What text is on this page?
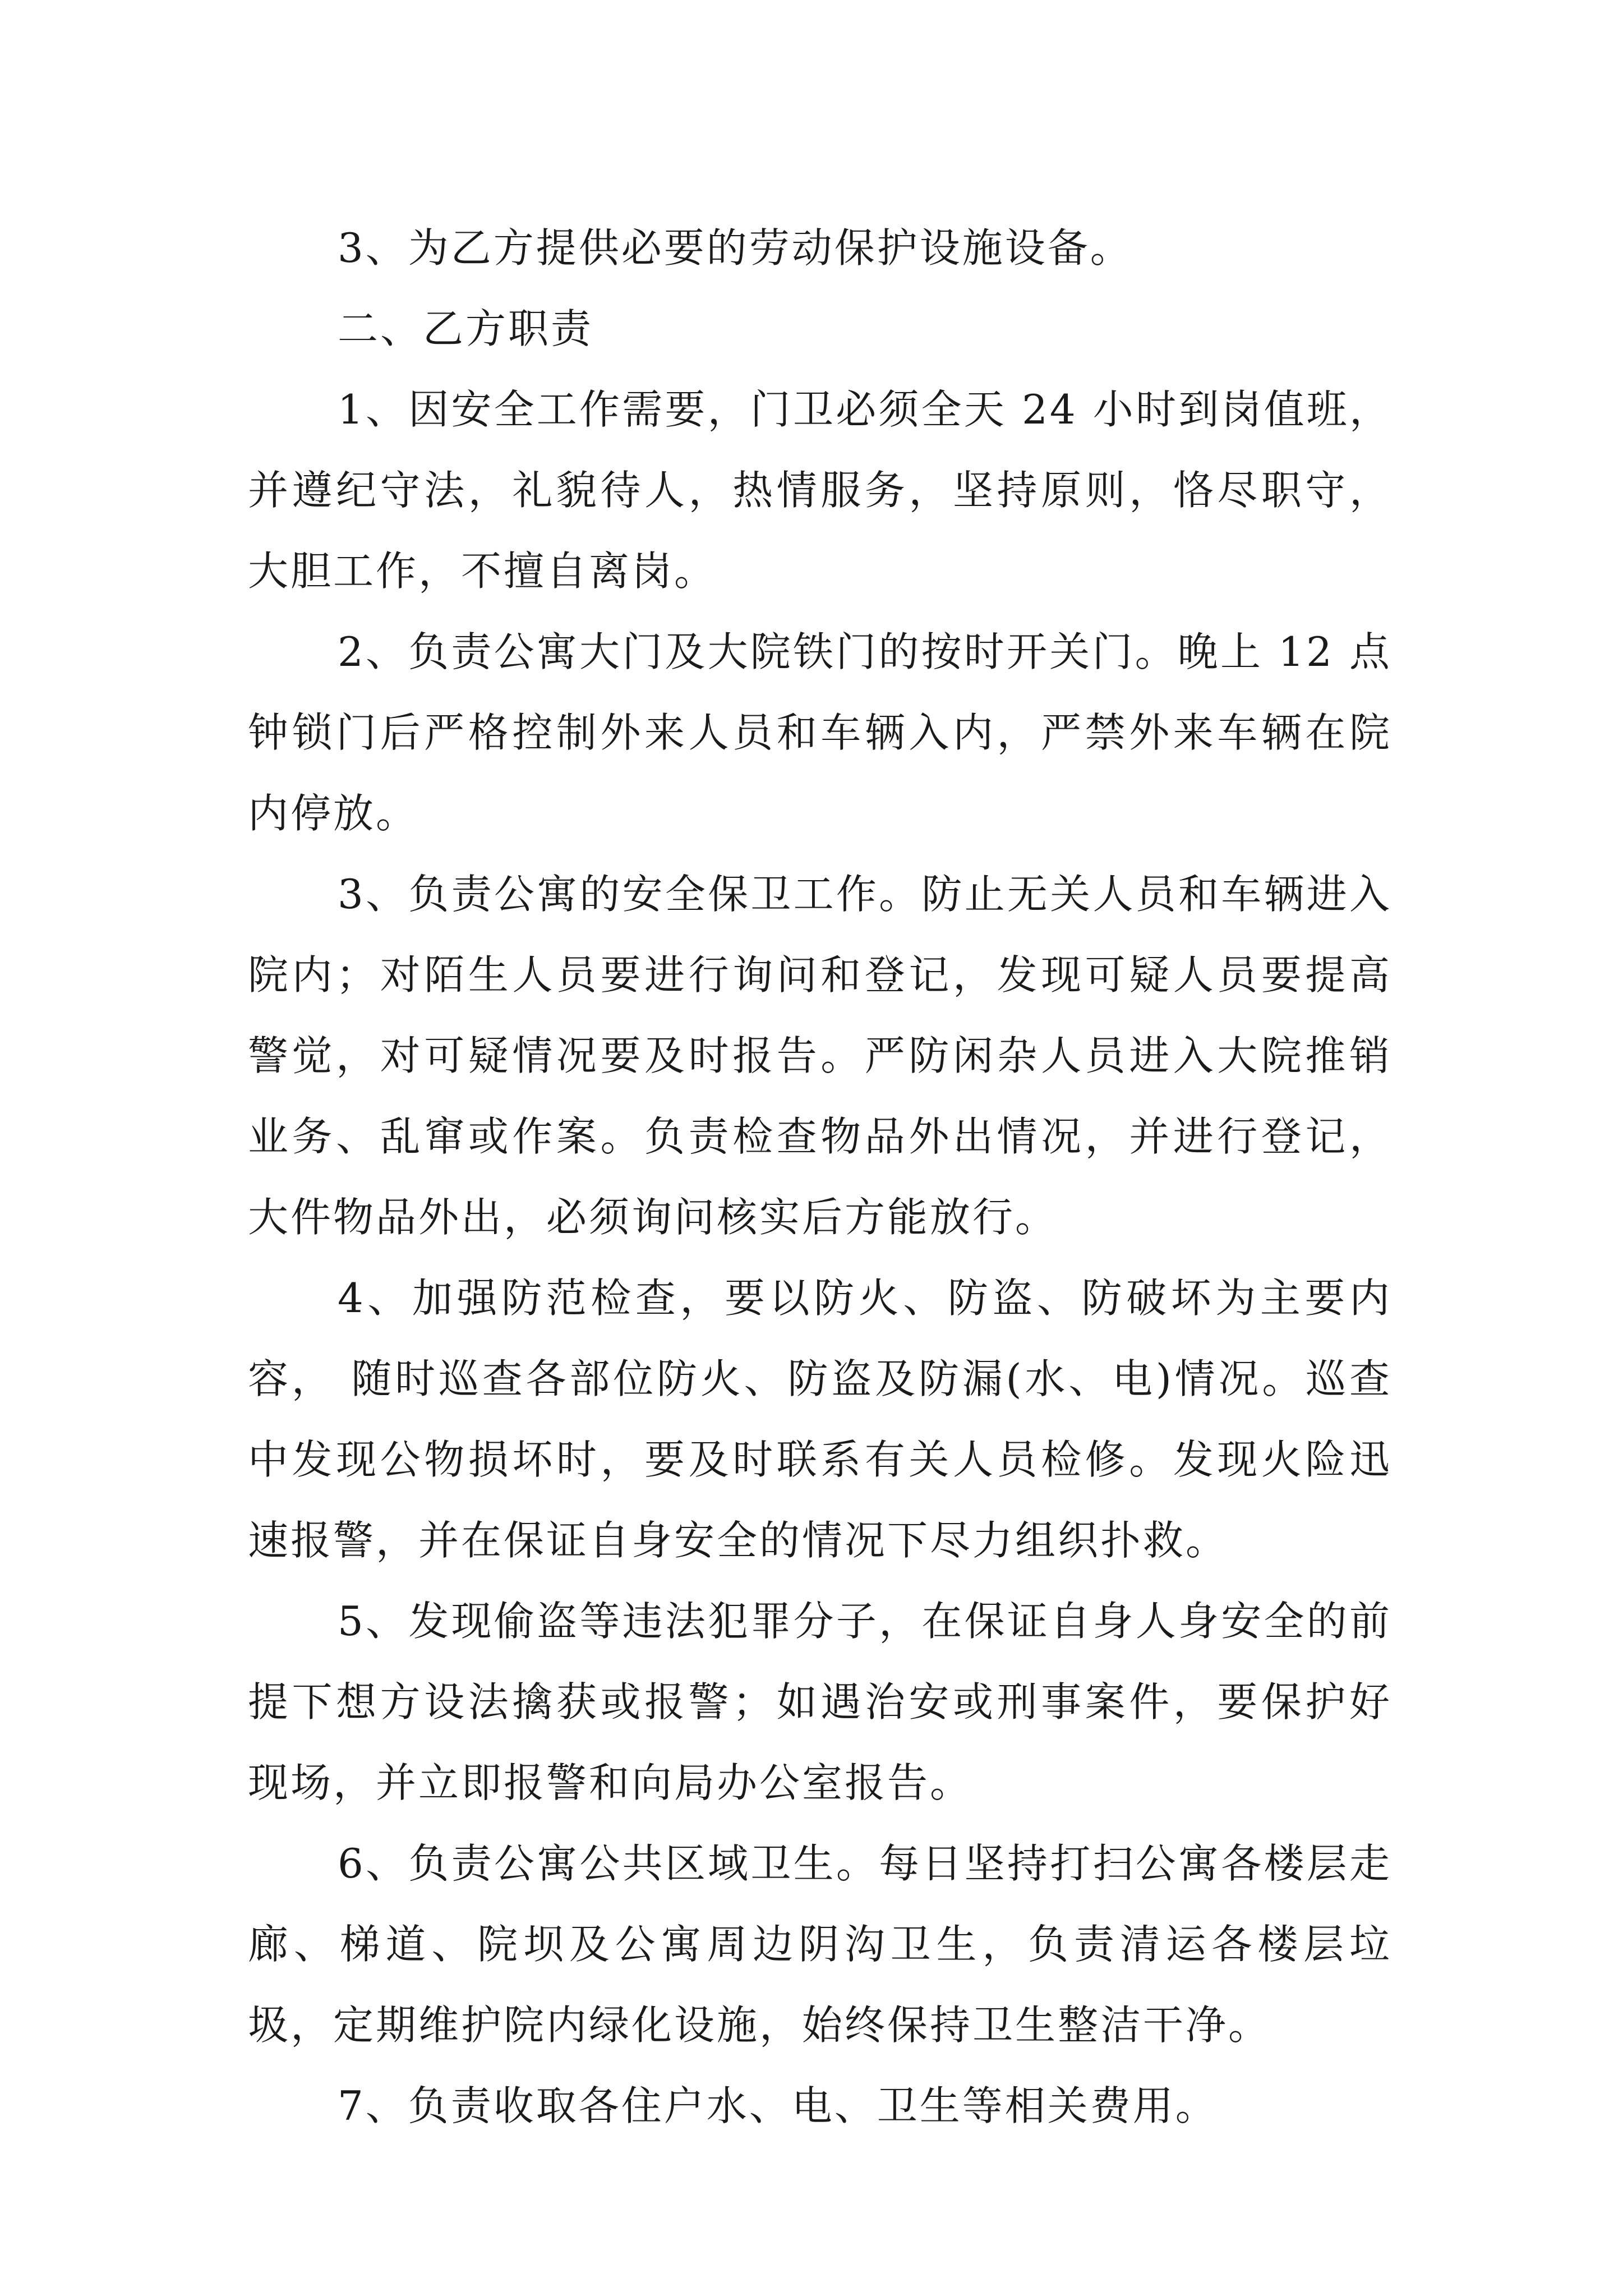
3、为乙方提供必要的劳动保护设施设备。

二、乙方职责

1、因安全工作需要，门卫必须全天 24 小时到岗值班，并遵纪守法，礼貌待人，热情服务，坚持原则，恪尽职守，大胆工作，不擅自离岗。

2、负责公寓大门及大院铁门的按时开关门。晚上 12 点钟锁门后严格控制外来人员和车辆入内，严禁外来车辆在院内停放。

3、负责公寓的安全保卫工作。防止无关人员和车辆进入院内；对陌生人员要进行询问和登记，发现可疑人员要提高警觉，对可疑情况要及时报告。严防闲杂人员进入大院推销业务、乱窜或作案。负责检查物品外出情况，并进行登记，大件物品外出，必须询问核实后方能放行。

4、加强防范检查，要以防火、防盗、防破坏为主要内容， 随时巡查各部位防火、防盗及防漏(水、电)情况。巡查中发现公物损坏时，要及时联系有关人员检修。发现火险迅速报警，并在保证自身安全的情况下尽力组织扑救。

5、发现偷盗等违法犯罪分子，在保证自身人身安全的前提下想方设法擒获或报警；如遇治安或刑事案件，要保护好现场，并立即报警和向局办公室报告。

6、负责公寓公共区域卫生。每日坚持打扫公寓各楼层走廊、梯道、院坝及公寓周边阴沟卫生，负责清运各楼层垃圾，定期维护院内绿化设施，始终保持卫生整洁干净。

7、负责收取各住户水、电、卫生等相关费用。
